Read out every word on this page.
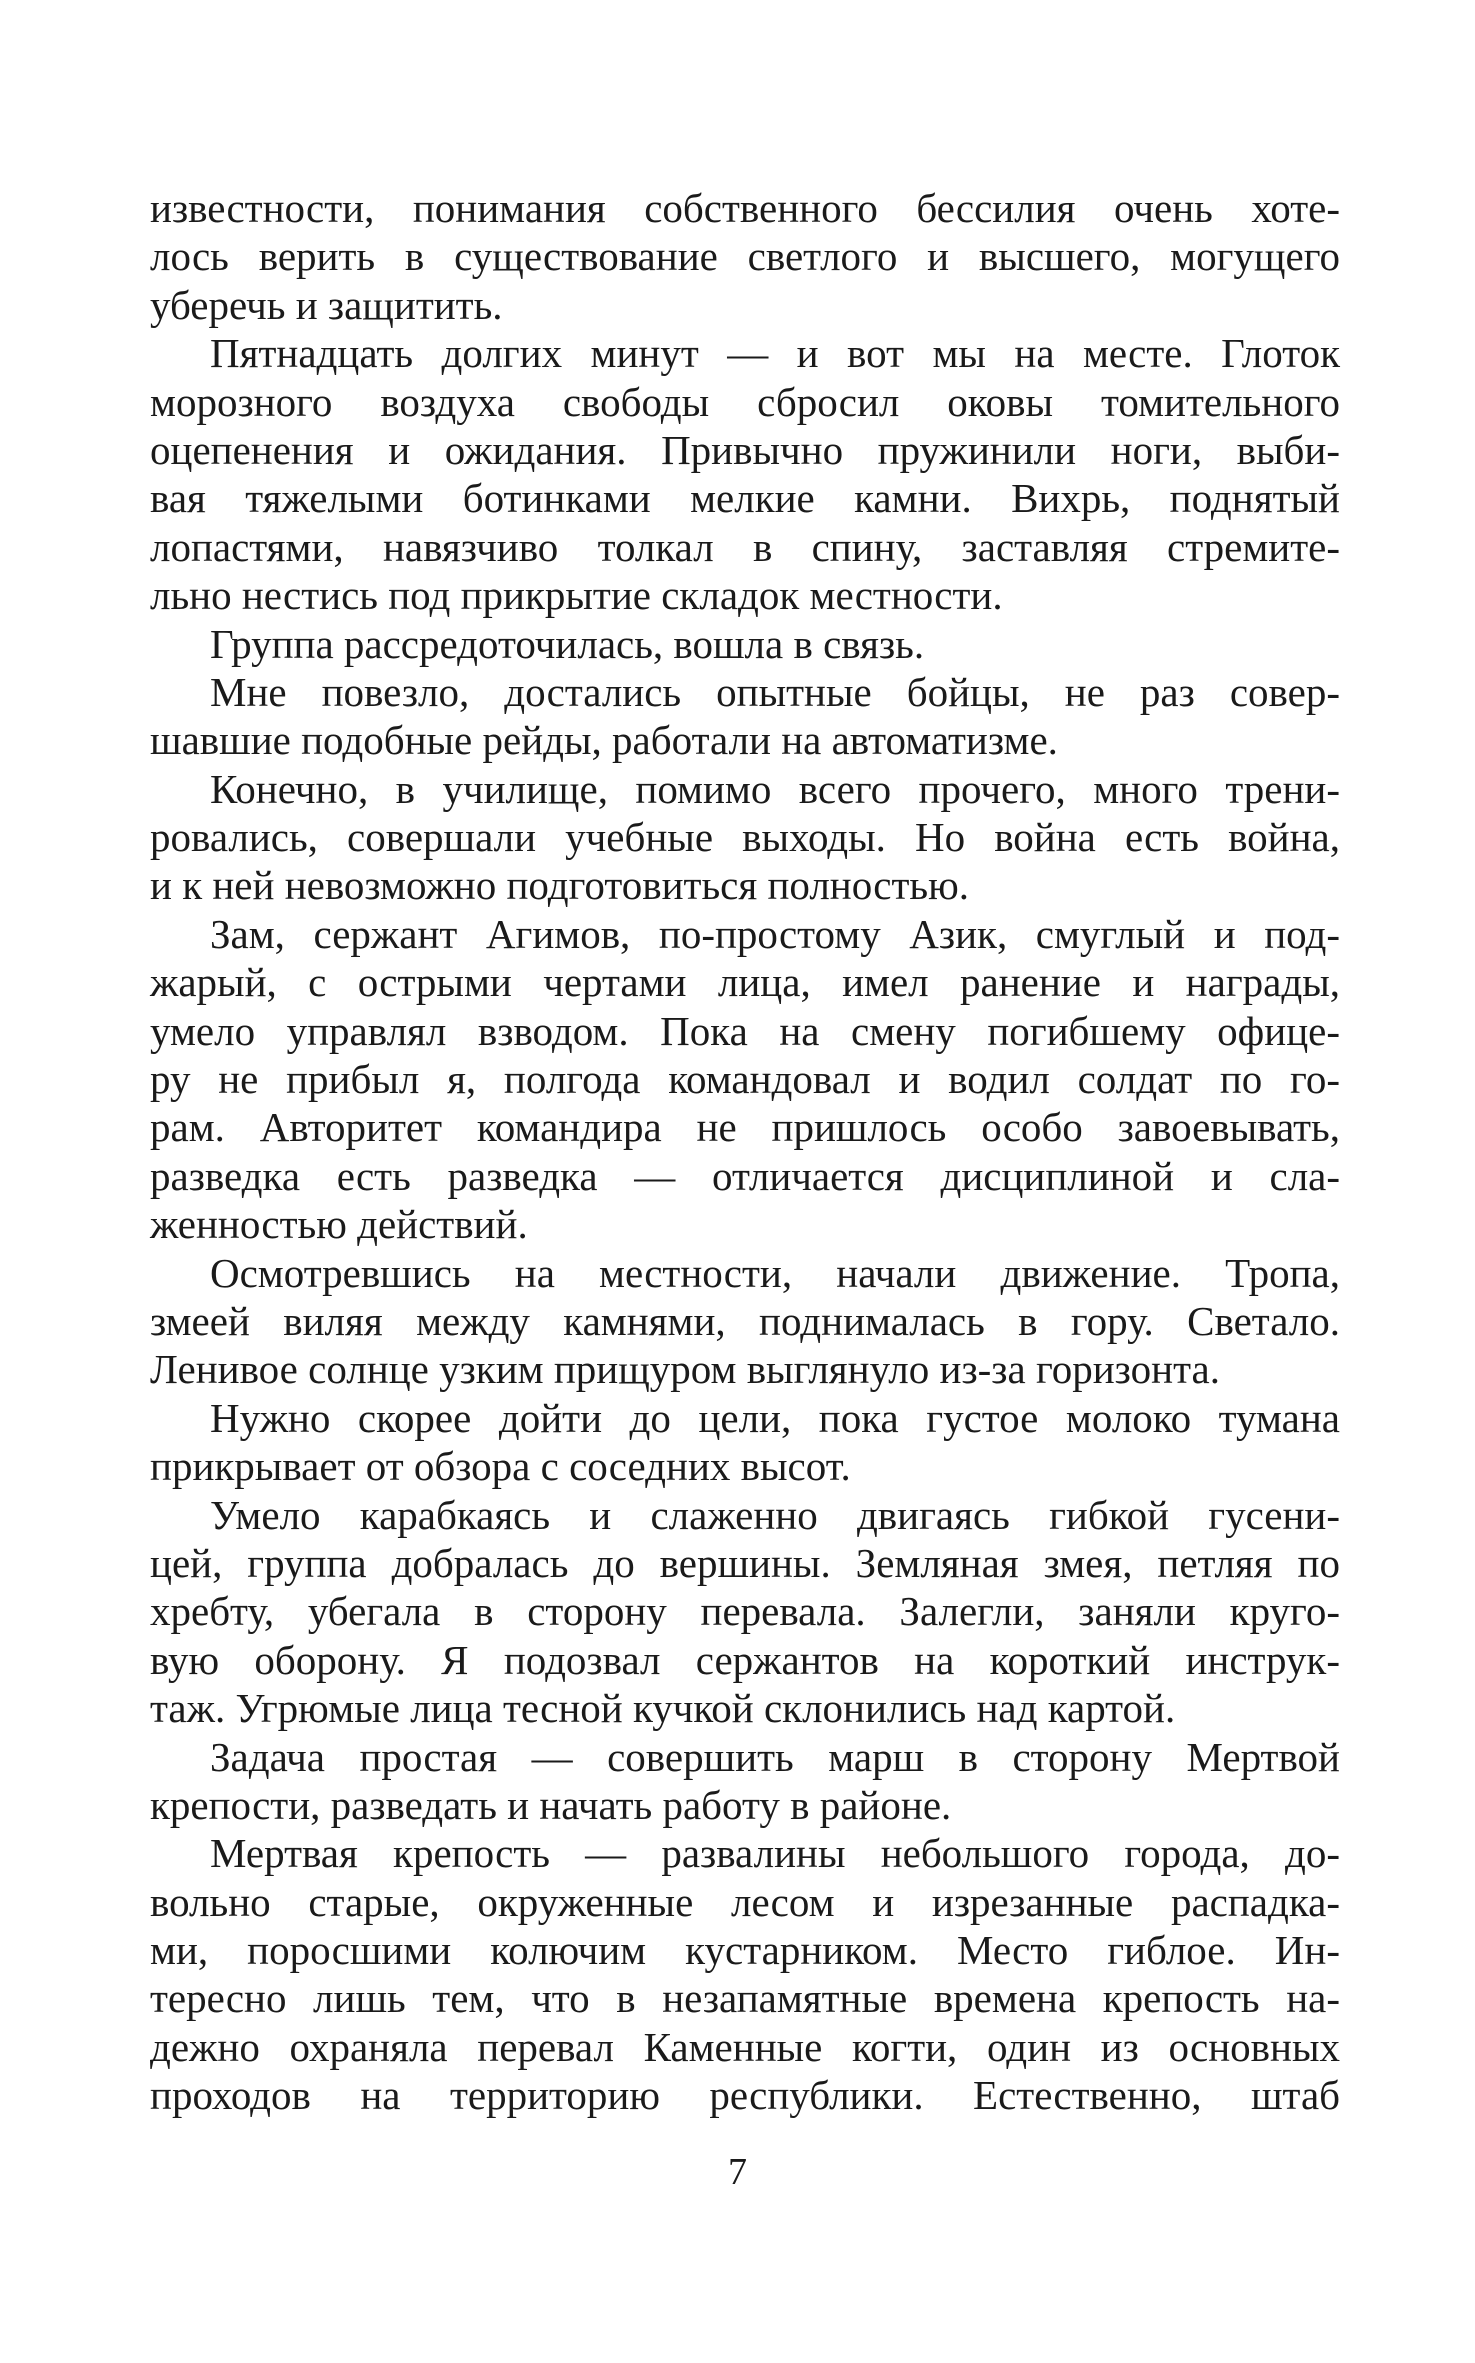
известности, понимания собственного бессилия очень хоте-
лось верить в существование светлого и высшего, могущего
уберечь и защитить.
Пятнадцать долгих минут — и вот мы на месте. Глоток
морозного воздуха свободы сбросил оковы томительного
оцепенения и ожидания. Привычно пружинили ноги, выби-
вая тяжелыми ботинками мелкие камни. Вихрь, поднятый
лопастями, навязчиво толкал в спину, заставляя стремите-
льно нестись под прикрытие складок местности.
Группа рассредоточилась, вошла в связь.
Мне повезло, достались опытные бойцы, не раз совер-
шавшие подобные рейды, работали на автоматизме.
Конечно, в училище, помимо всего прочего, много трени-
ровались, совершали учебные выходы. Но война есть война,
и к ней невозможно подготовиться полностью.
Зам, сержант Агимов, по-простому Азик, смуглый и под-
жарый, с острыми чертами лица, имел ранение и награды,
умело управлял взводом. Пока на смену погибшему офице-
ру не прибыл я, полгода командовал и водил солдат по го-
рам. Авторитет командира не пришлось особо завоевывать,
разведка есть разведка — отличается дисциплиной и сла-
женностью действий.
Осмотревшись на местности, начали движение. Тропа,
змеей виляя между камнями, поднималась в гору. Светало.
Ленивое солнце узким прищуром выглянуло из-за горизонта.
Нужно скорее дойти до цели, пока густое молоко тумана
прикрывает от обзора с соседних высот.
Умело карабкаясь и слаженно двигаясь гибкой гусени-
цей, группа добралась до вершины. Земляная змея, петляя по
хребту, убегала в сторону перевала. Залегли, заняли круго-
вую оборону. Я подозвал сержантов на короткий инструк-
таж. Угрюмые лица тесной кучкой склонились над картой.
Задача простая — совершить марш в сторону Мертвой
крепости, разведать и начать работу в районе.
Мертвая крепость — развалины небольшого города, до-
вольно старые, окруженные лесом и изрезанные распадка-
ми, поросшими колючим кустарником. Место гиблое. Ин-
тересно лишь тем, что в незапамятные времена крепость на-
дежно охраняла перевал Каменные когти, один из основных
проходов на территорию республики. Естественно, штаб
7
